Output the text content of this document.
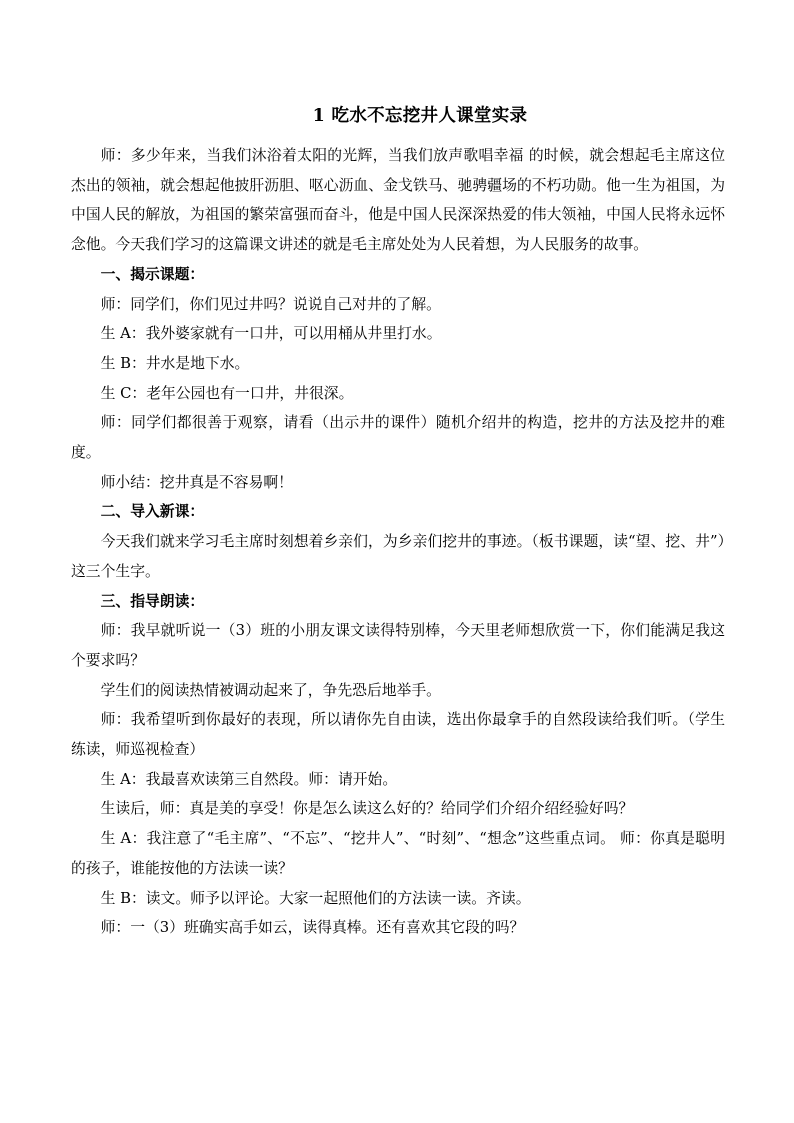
1 吃水不忘挖井人课堂实录

师：多少年来，当我们沐浴着太阳的光辉，当我们放声歌唱幸福 的时候，就会想起毛主席这位杰出的领袖，就会想起他披肝沥胆、呕心沥血、金戈铁马、驰骋疆场的不朽功勋。他一生为祖国，为中国人民的解放，为祖国的繁荣富强而奋斗，他是中国人民深深热爱的伟大领袖，中国人民将永远怀念他。今天我们学习的这篇课文讲述的就是毛主席处处为人民着想，为人民服务的故事。

一、揭示课题：

师：同学们，你们见过井吗？说说自己对井的了解。

生 A：我外婆家就有一口井，可以用桶从井里打水。

生 B：井水是地下水。

生 C：老年公园也有一口井，井很深。

师：同学们都很善于观察，请看（出示井的课件）随机介绍井的构造，挖井的方法及挖井的难度。

师小结：挖井真是不容易啊！

二、导入新课：

今天我们就来学习毛主席时刻想着乡亲们，为乡亲们挖井的事迹。（板书课题，读“望、挖、井”）这三个生字。

三、指导朗读：

师：我早就听说一（3）班的小朋友课文读得特别棒，今天里老师想欣赏一下，你们能满足我这个要求吗？

学生们的阅读热情被调动起来了，争先恐后地举手。

师：我希望听到你最好的表现，所以请你先自由读，选出你最拿手的自然段读给我们听。（学生练读，师巡视检查）

生 A：我最喜欢读第三自然段。师：请开始。

生读后，师：真是美的享受！你是怎么读这么好的？给同学们介绍介绍经验好吗？

生 A：我注意了“毛主席”、“不忘”、“挖井人”、“时刻”、“想念”这些重点词。 师：你真是聪明的孩子，谁能按他的方法读一读？

生 B：读文。师予以评论。大家一起照他们的方法读一读。齐读。

师：一（3）班确实高手如云，读得真棒。还有喜欢其它段的吗？
